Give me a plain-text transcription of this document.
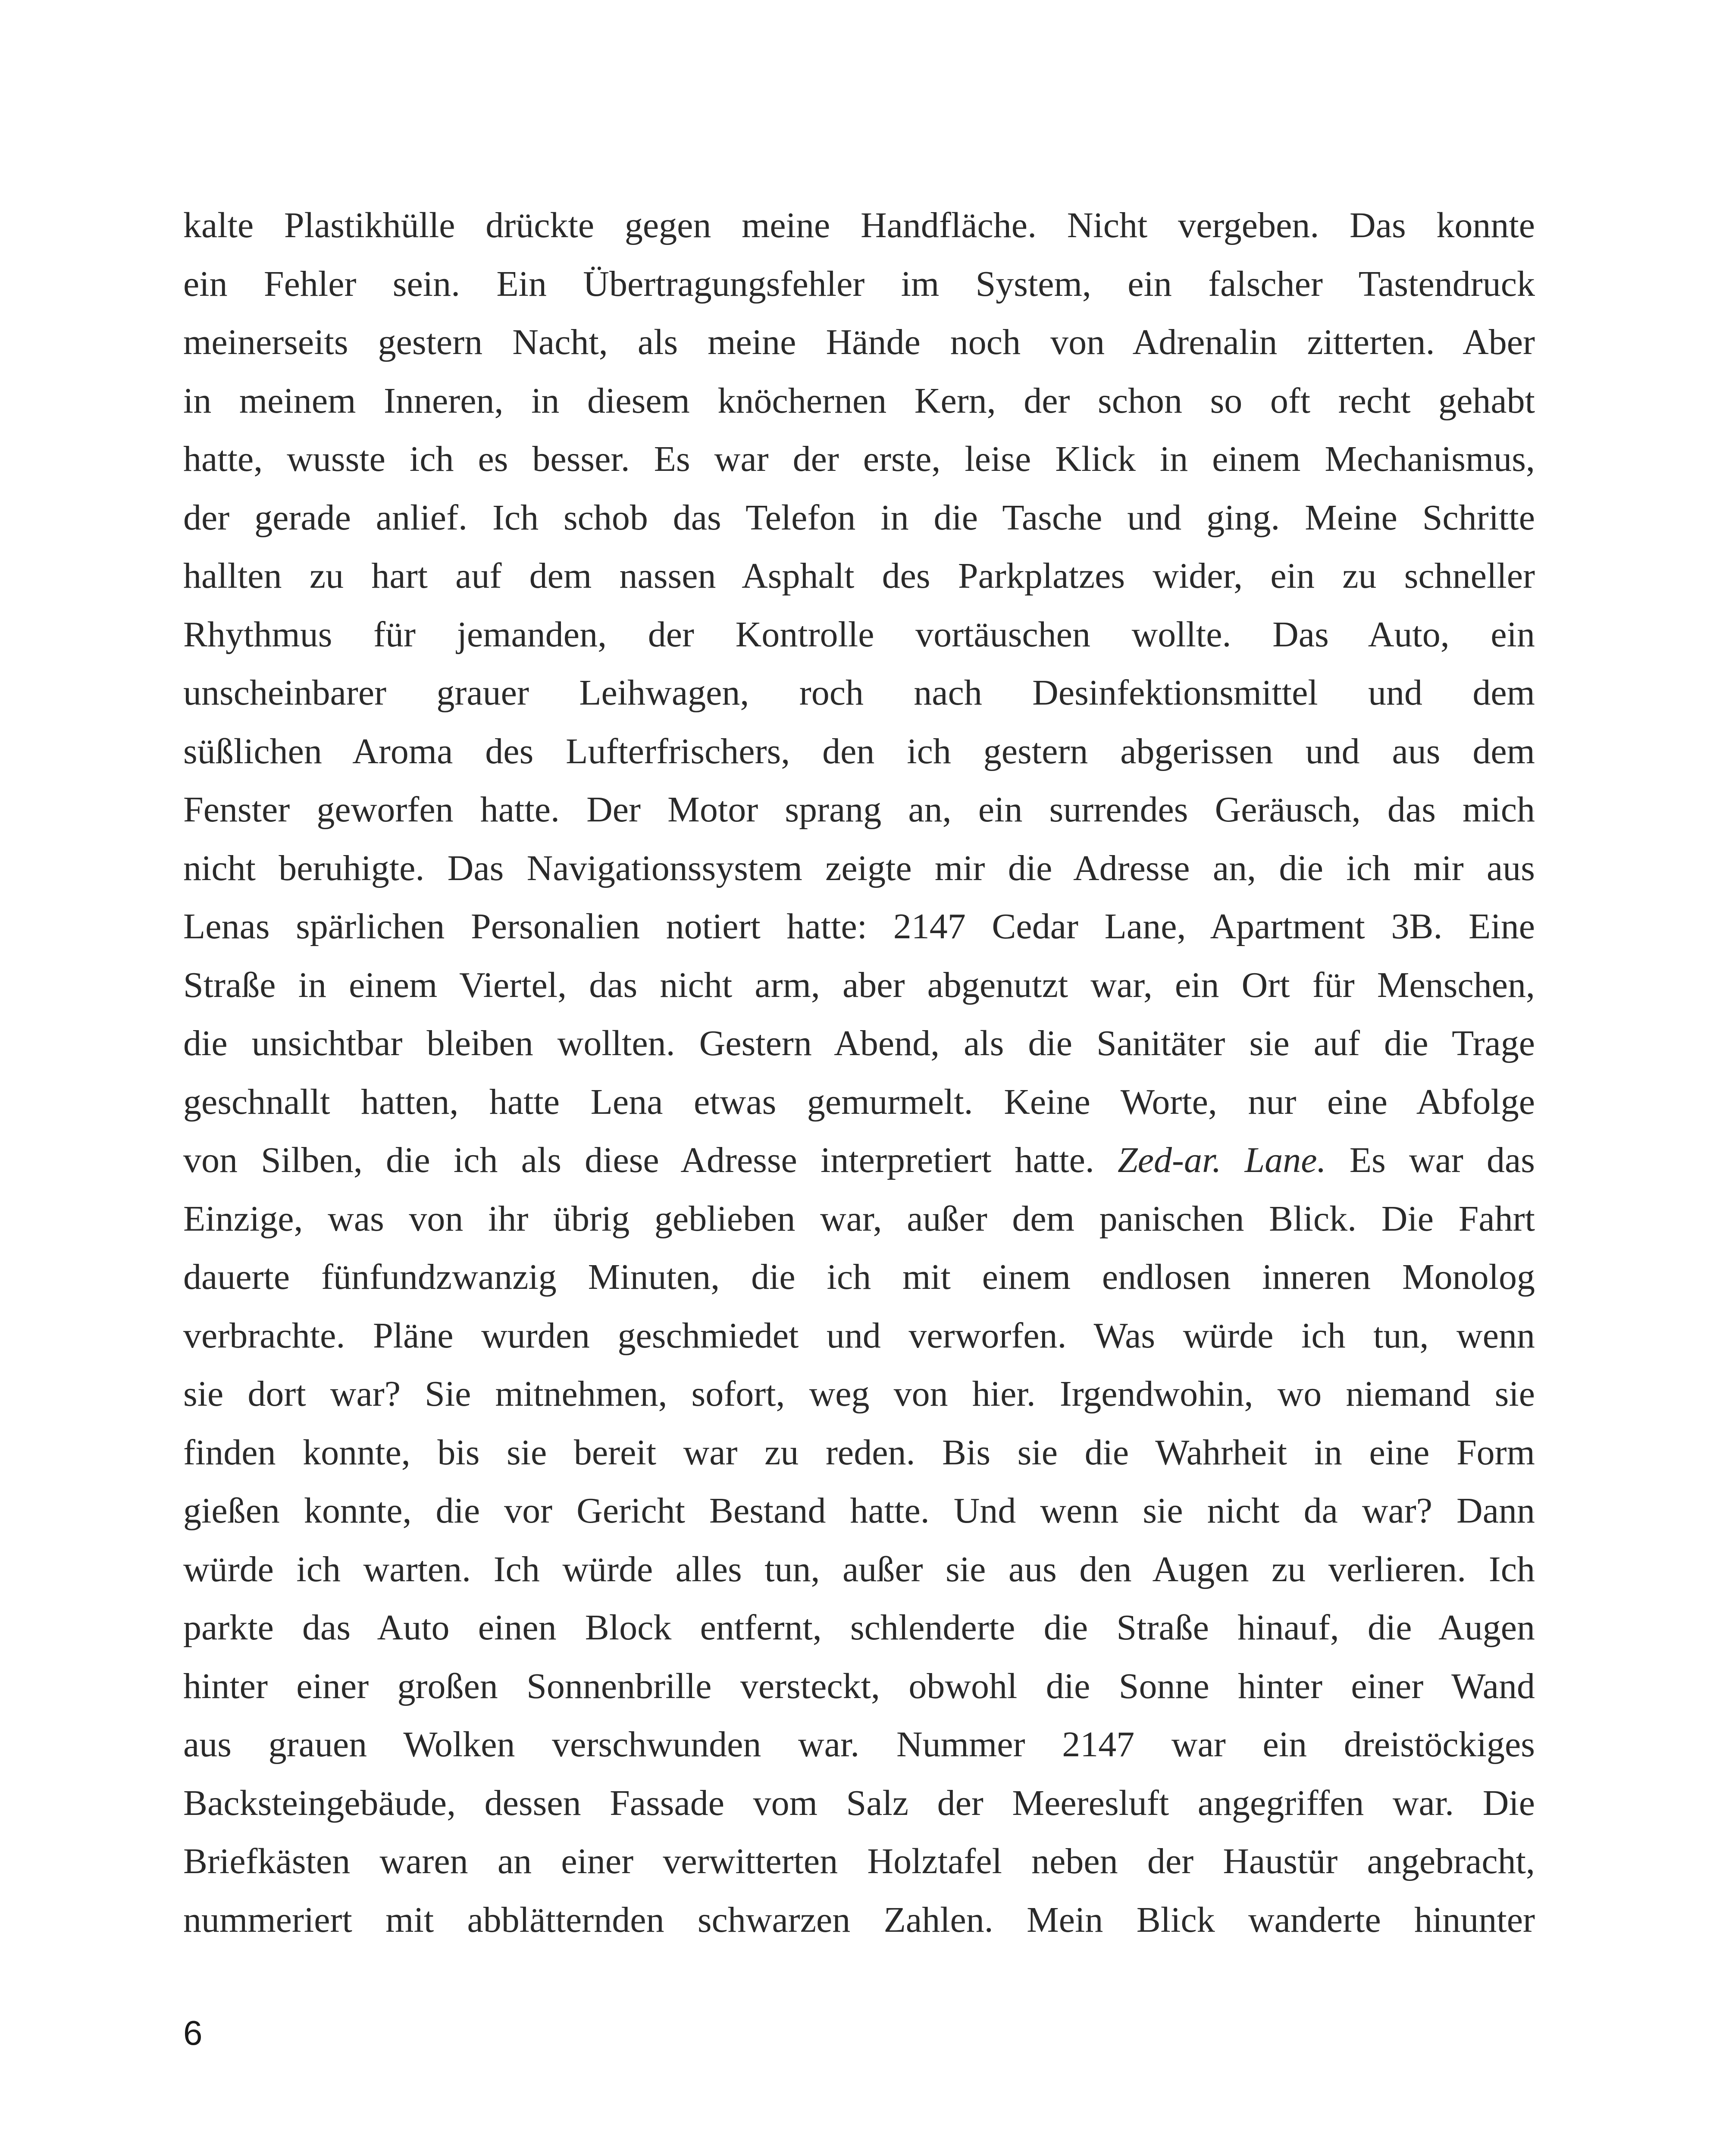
kalte Plastikhülle drückte gegen meine Handfläche. Nicht vergeben. Das konnte
ein Fehler sein. Ein Übertragungsfehler im System, ein falscher Tastendruck
meinerseits gestern Nacht, als meine Hände noch von Adrenalin zitterten. Aber
in meinem Inneren, in diesem knöchernen Kern, der schon so oft recht gehabt
hatte, wusste ich es besser. Es war der erste, leise Klick in einem Mechanismus,
der gerade anlief. Ich schob das Telefon in die Tasche und ging. Meine Schritte
hallten zu hart auf dem nassen Asphalt des Parkplatzes wider, ein zu schneller
Rhythmus für jemanden, der Kontrolle vortäuschen wollte. Das Auto, ein
unscheinbarer grauer Leihwagen, roch nach Desinfektionsmittel und dem
süßlichen Aroma des Lufterfrischers, den ich gestern abgerissen und aus dem
Fenster geworfen hatte. Der Motor sprang an, ein surrendes Geräusch, das mich
nicht beruhigte. Das Navigationssystem zeigte mir die Adresse an, die ich mir aus
Lenas spärlichen Personalien notiert hatte: 2147 Cedar Lane, Apartment 3B. Eine
Straße in einem Viertel, das nicht arm, aber abgenutzt war, ein Ort für Menschen,
die unsichtbar bleiben wollten. Gestern Abend, als die Sanitäter sie auf die Trage
geschnallt hatten, hatte Lena etwas gemurmelt. Keine Worte, nur eine Abfolge
von Silben, die ich als diese Adresse interpretiert hatte. Zed-ar. Lane. Es war das
Einzige, was von ihr übrig geblieben war, außer dem panischen Blick. Die Fahrt
dauerte fünfundzwanzig Minuten, die ich mit einem endlosen inneren Monolog
verbrachte. Pläne wurden geschmiedet und verworfen. Was würde ich tun, wenn
sie dort war? Sie mitnehmen, sofort, weg von hier. Irgendwohin, wo niemand sie
finden konnte, bis sie bereit war zu reden. Bis sie die Wahrheit in eine Form
gießen konnte, die vor Gericht Bestand hatte. Und wenn sie nicht da war? Dann
würde ich warten. Ich würde alles tun, außer sie aus den Augen zu verlieren. Ich
parkte das Auto einen Block entfernt, schlenderte die Straße hinauf, die Augen
hinter einer großen Sonnenbrille versteckt, obwohl die Sonne hinter einer Wand
aus grauen Wolken verschwunden war. Nummer 2147 war ein dreistöckiges
Backsteingebäude, dessen Fassade vom Salz der Meeresluft angegriffen war. Die
Briefkästen waren an einer verwitterten Holztafel neben der Haustür angebracht,
nummeriert mit abblätternden schwarzen Zahlen. Mein Blick wanderte hinunter
6
